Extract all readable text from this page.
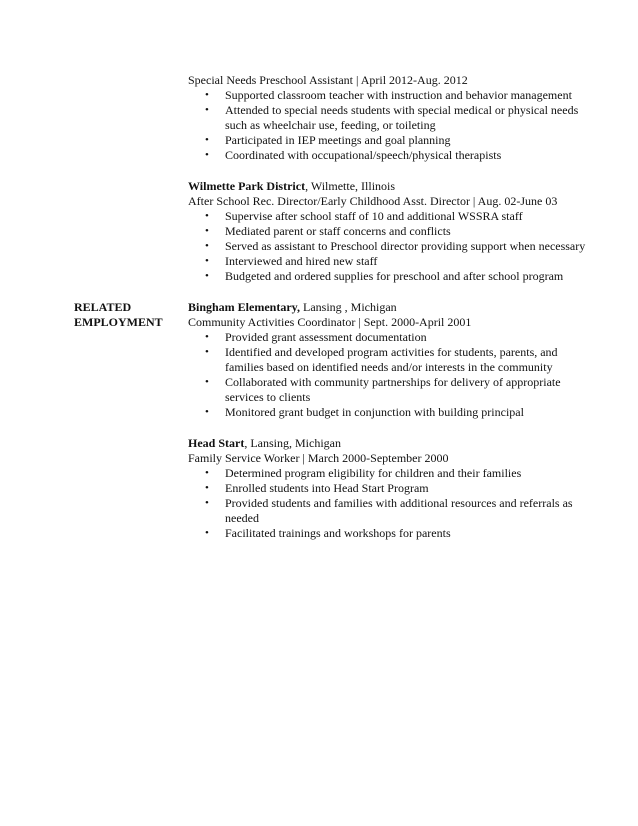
Special Needs Preschool Assistant | April 2012-Aug. 2012

• Supported classroom teacher with instruction and behavior management
• Attended to special needs students with special medical or physical needs such as wheelchair use, feeding, or toileting
• Participated in IEP meetings and goal planning
• Coordinated with occupational/speech/physical therapists

Wilmette Park District, Wilmette, Illinois

After School Rec. Director/Early Childhood Asst. Director | Aug. 02-June 03

• Supervise after school staff of 10 and additional WSSRA staff
• Mediated parent or staff concerns and conflicts
• Served as assistant to Preschool director providing support when necessary
• Interviewed and hired new staff
• Budgeted and ordered supplies for preschool and after school program
RELATED
EMPLOYMENT

Bingham Elementary, Lansing , Michigan

Community Activities Coordinator | Sept. 2000-April 2001

• Provided grant assessment documentation
• Identified and developed program activities for students, parents, and families based on identified needs and/or interests in the community
• Collaborated with community partnerships for delivery of appropriate services to clients
• Monitored grant budget in conjunction with building principal

Head Start, Lansing, Michigan

Family Service Worker | March 2000-September 2000

• Determined program eligibility for children and their families
• Enrolled students into Head Start Program
• Provided students and families with additional resources and referrals as needed
• Facilitated trainings and workshops for parents
